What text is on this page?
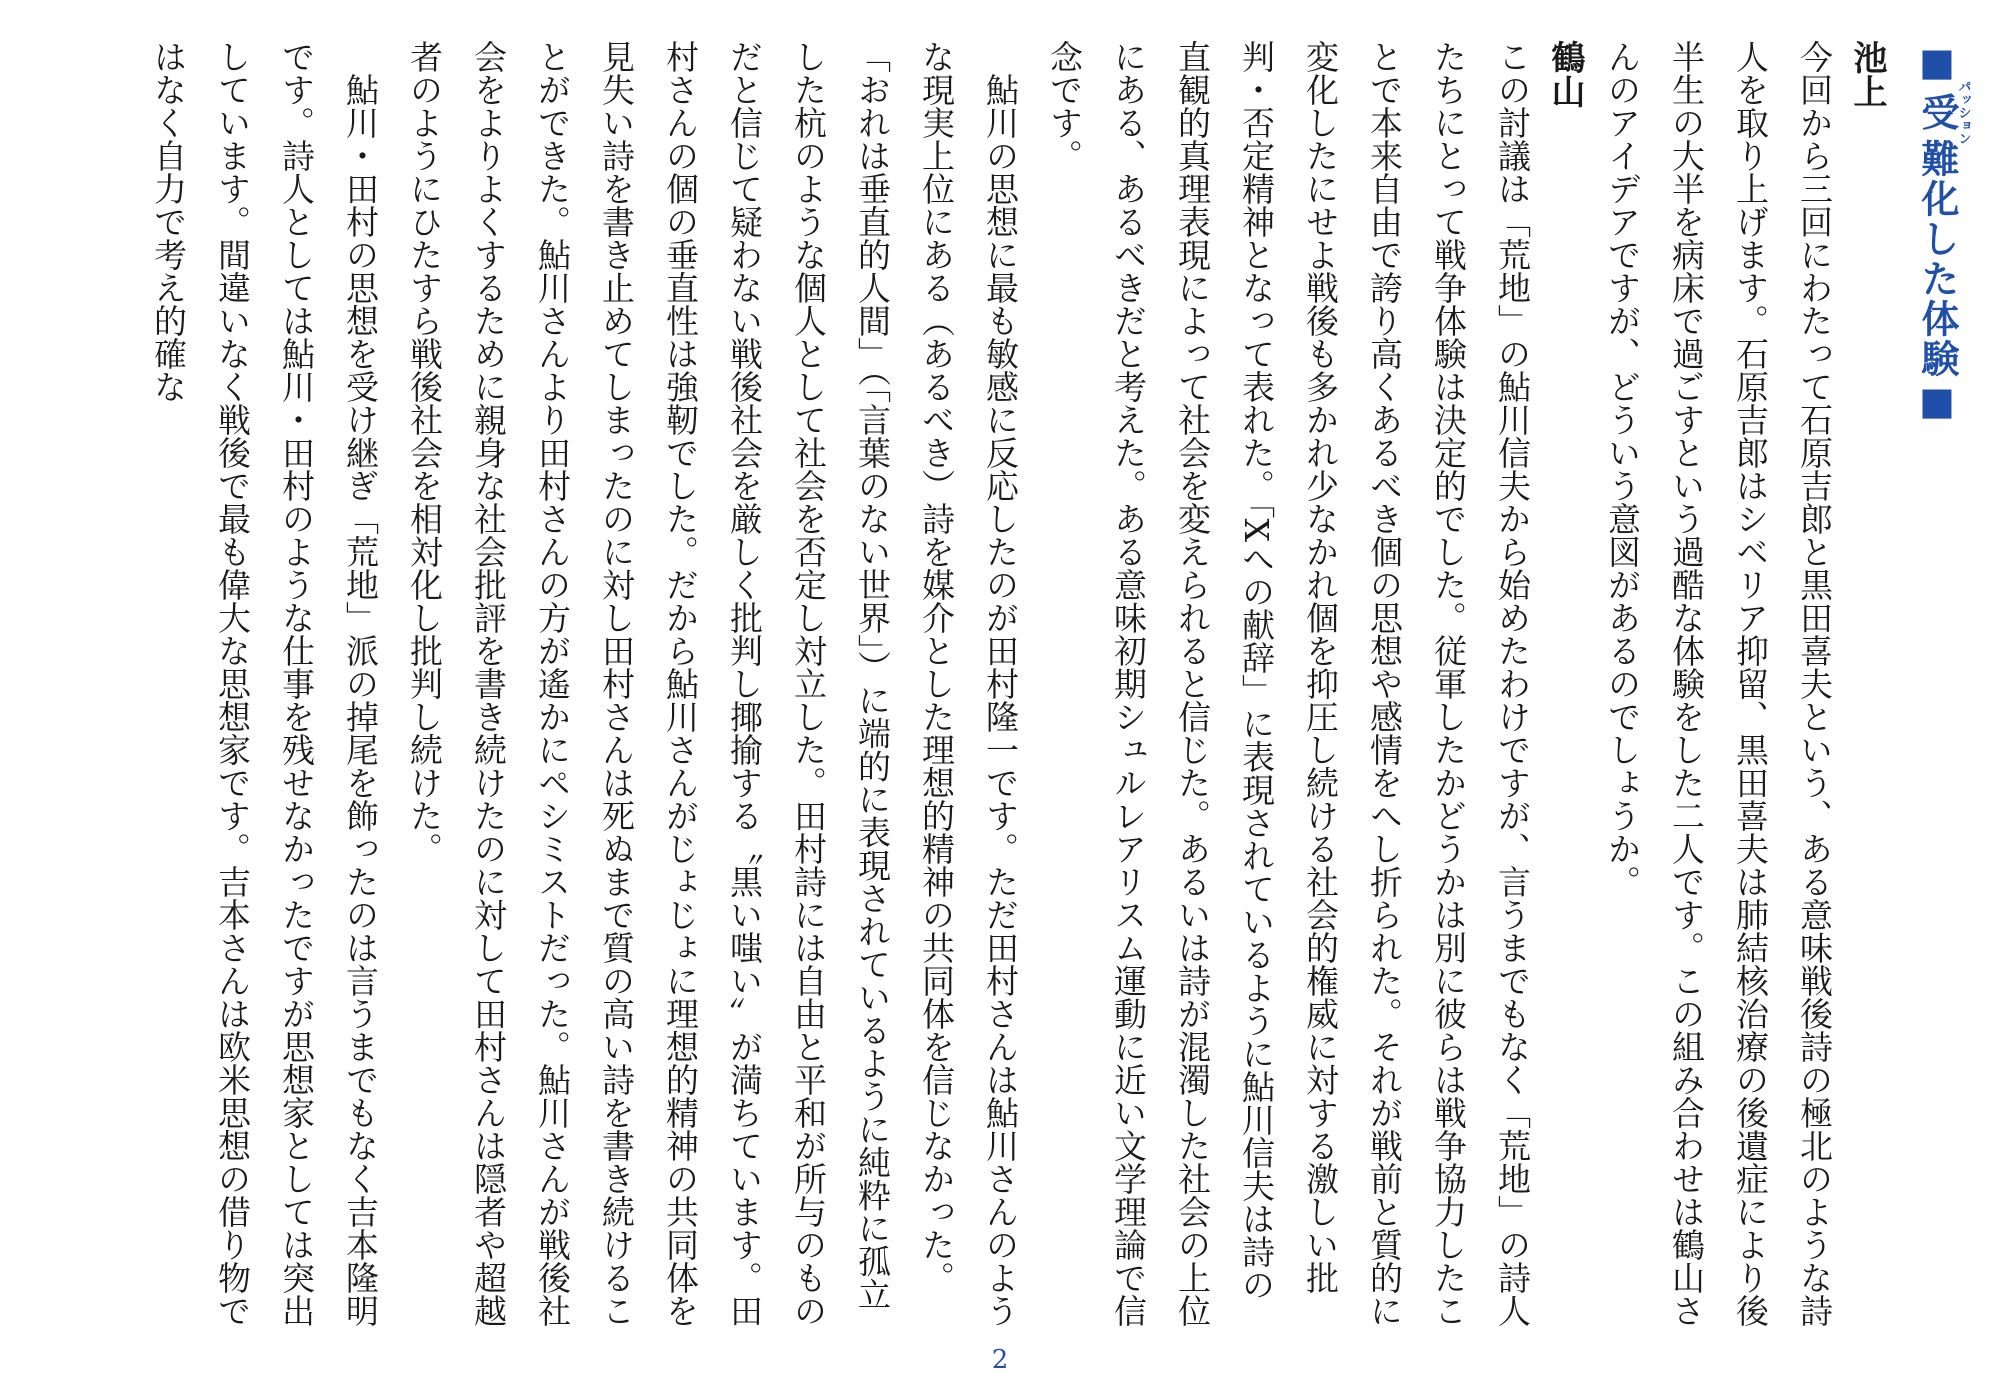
■受パッション難化した体験■
池上

今回から三回にわたって石原吉郎と黒田喜夫という、ある意味戦後詩の極北のような詩人を取り上げます。石原吉郎はシベリア抑留、黒田喜夫は肺結核治療の後遺症により後半生の大半を病床で過ごすという過酷な体験をした二人です。この組み合わせは鶴山さんのアイデアですが、どういう意図があるのでしょうか。

鶴山

この討議は「荒地」の鮎川信夫から始めたわけですが、言うまでもなく「荒地」の詩人たちにとって戦争体験は決定的でした。従軍したかどうかは別に彼らは戦争協力したことで本来自由で誇り高くあるべき個の思想や感情をへし折られた。それが戦前と質的に変化したにせよ戦後も多かれ少なかれ個を抑圧し続ける社会的権威に対する激しい批判・否定精神となって表れた。「Xへの献辞」に表現されているように鮎川信夫は詩の直観的真理表現によって社会を変えられると信じた。あるいは詩が混濁した社会の上位にある、あるべきだと考えた。ある意味初期シュルレアリスム運動に近い文学理論で信念です。

鮎川の思想に最も敏感に反応したのが田村隆一です。ただ田村さんは鮎川さんのような現実上位にある（あるべき）詩を媒介とした理想的精神の共同体を信じなかった。「おれは垂直的人間」（「言葉のない世界」）に端的に表現されているように純粋に孤立した杭のような個人として社会を否定し対立した。田村詩には自由と平和が所与のものだと信じて疑わない戦後社会を厳しく批判し揶揄する〝黒い嗤い〟が満ちています。田村さんの個の垂直性は強靭でした。だから鮎川さんがじょじょに理想的精神の共同体を見失い詩を書き止めてしまったのに対し田村さんは死ぬまで質の高い詩を書き続けることができた。鮎川さんより田村さんの方が遙かにペシミストだった。鮎川さんが戦後社会をよりよくするために親身な社会批評を書き続けたのに対して田村さんは隠者や超越者のようにひたすら戦後社会を相対化し批判し続けた。

鮎川・田村の思想を受け継ぎ「荒地」派の掉尾を飾ったのは言うまでもなく吉本隆明です。詩人としては鮎川・田村のような仕事を残せなかったですが思想家としては突出しています。間違いなく戦後で最も偉大な思想家です。吉本さんは欧米思想の借り物ではなく自力で考え的確な

2
